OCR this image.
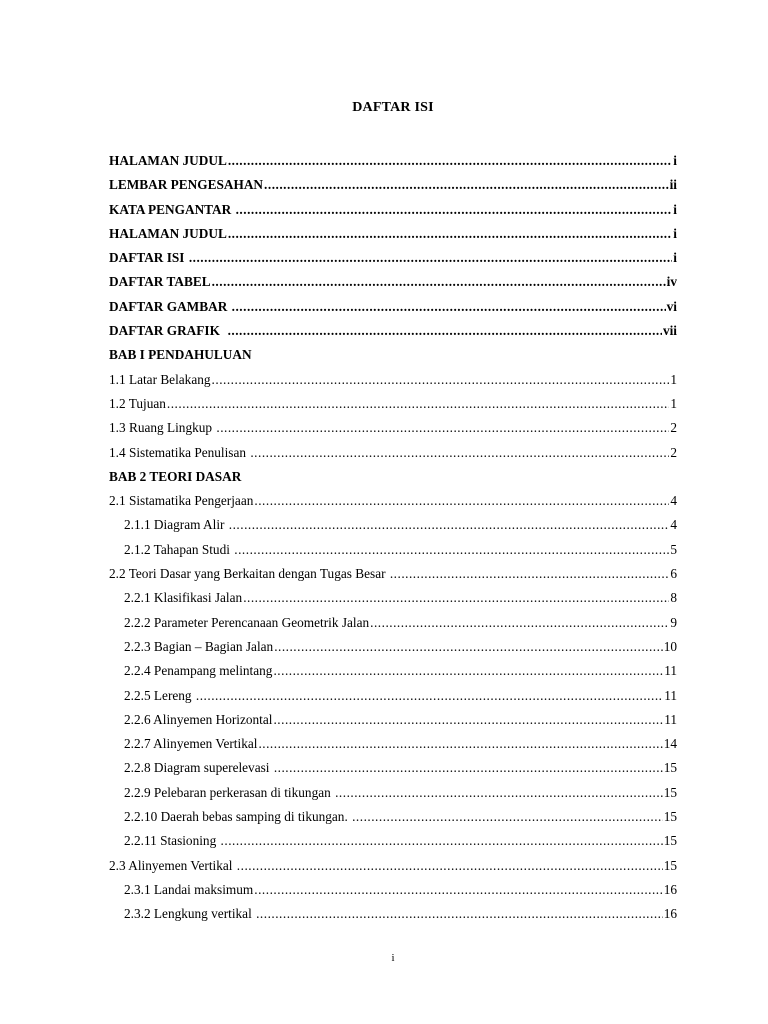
DAFTAR ISI
HALAMAN JUDUL .....	i
LEMBAR PENGESAHAN .....	ii
KATA PENGANTAR .....	i
HALAMAN JUDUL .....	i
DAFTAR ISI .....	i
DAFTAR TABEL .....	iv
DAFTAR GAMBAR .....	vi
DAFTAR GRAFIK .....	vii
BAB I PENDAHULUAN
1.1 Latar Belakang .....	1
1.2 Tujuan .....	1
1.3 Ruang Lingkup .....	2
1.4 Sistematika Penulisan .....	2
BAB 2 TEORI DASAR
2.1 Sistamatika Pengerjaan .....	4
2.1.1 Diagram Alir .....	4
2.1.2 Tahapan Studi .....	5
2.2 Teori Dasar yang Berkaitan dengan Tugas Besar .....	6
2.2.1 Klasifikasi Jalan .....	8
2.2.2 Parameter Perencanaan Geometrik Jalan .....	9
2.2.3 Bagian – Bagian Jalan .....	10
2.2.4 Penampang melintang .....	11
2.2.5 Lereng .....	11
2.2.6 Alinyemen Horizontal .....	11
2.2.7 Alinyemen Vertikal .....	14
2.2.8 Diagram superelevasi .....	15
2.2.9 Pelebaran perkerasan di tikungan .....	15
2.2.10 Daerah bebas samping di tikungan. .....	15
2.2.11 Stasioning .....	15
2.3 Alinyemen Vertikal .....	15
2.3.1 Landai maksimum .....	16
2.3.2 Lengkung vertikal .....	16
i
